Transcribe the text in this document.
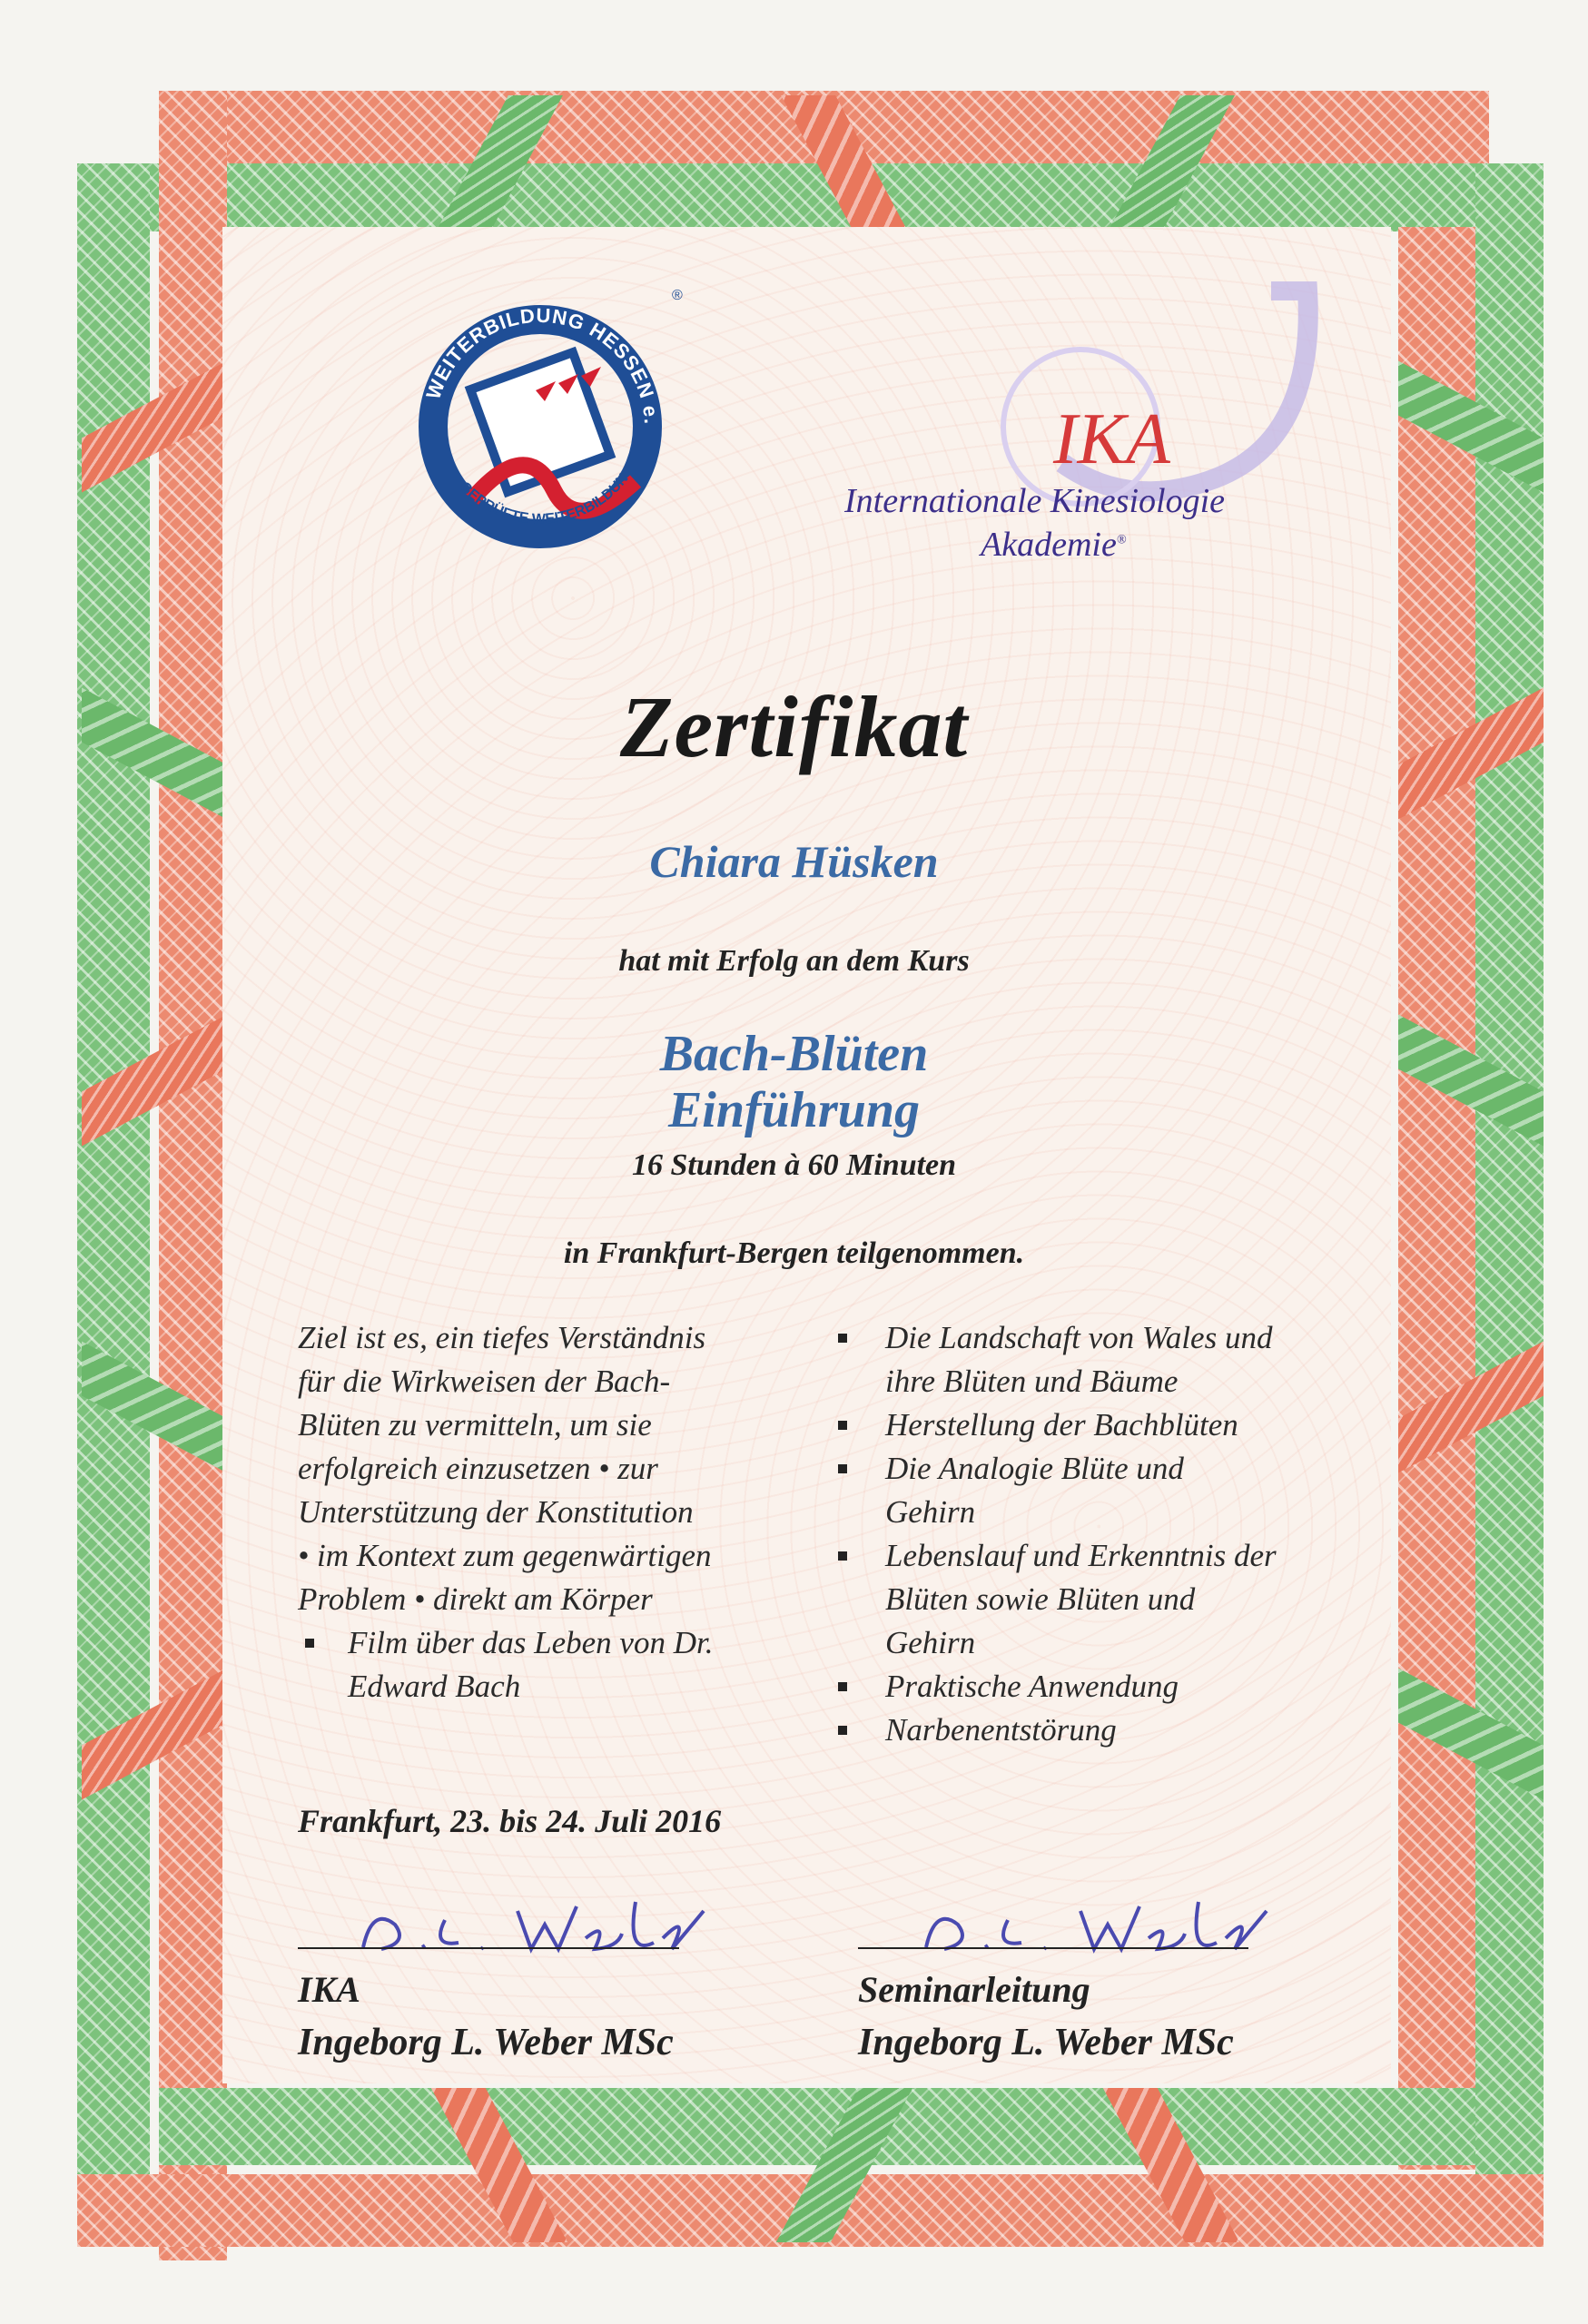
WEITERBILDUNG HESSEN e.
GEPRÜFTE WEITERBILDUN
®
IKA
Internationale Kinesiologie
Akademie®
Zertifikat
Chiara Hüsken
hat mit Erfolg an dem Kurs
Bach-Blüten
Einführung
16 Stunden à 60 Minuten
in Frankfurt-Bergen teilgenommen.

Ziel ist es, ein tiefes Verständnis

für die Wirkweisen der Bach-

Blüten zu vermitteln, um sie

erfolgreich einzusetzen • zur

Unterstützung der Konstitution

• im Kontext zum gegenwärtigen

Problem • direkt am Körper

Film über das Leben von Dr.
Edward Bach
Die Landschaft von Wales und
ihre Blüten und Bäume
Herstellung der Bachblüten
Die Analogie Blüte und
Gehirn
Lebenslauf und Erkenntnis der
Blüten sowie Blüten und
Gehirn
Praktische Anwendung
Narbenentstörung
Frankfurt, 23. bis 24. Juli 2016
IKA
Ingeborg L. Weber MSc
Seminarleitung
Ingeborg L. Weber MSc
